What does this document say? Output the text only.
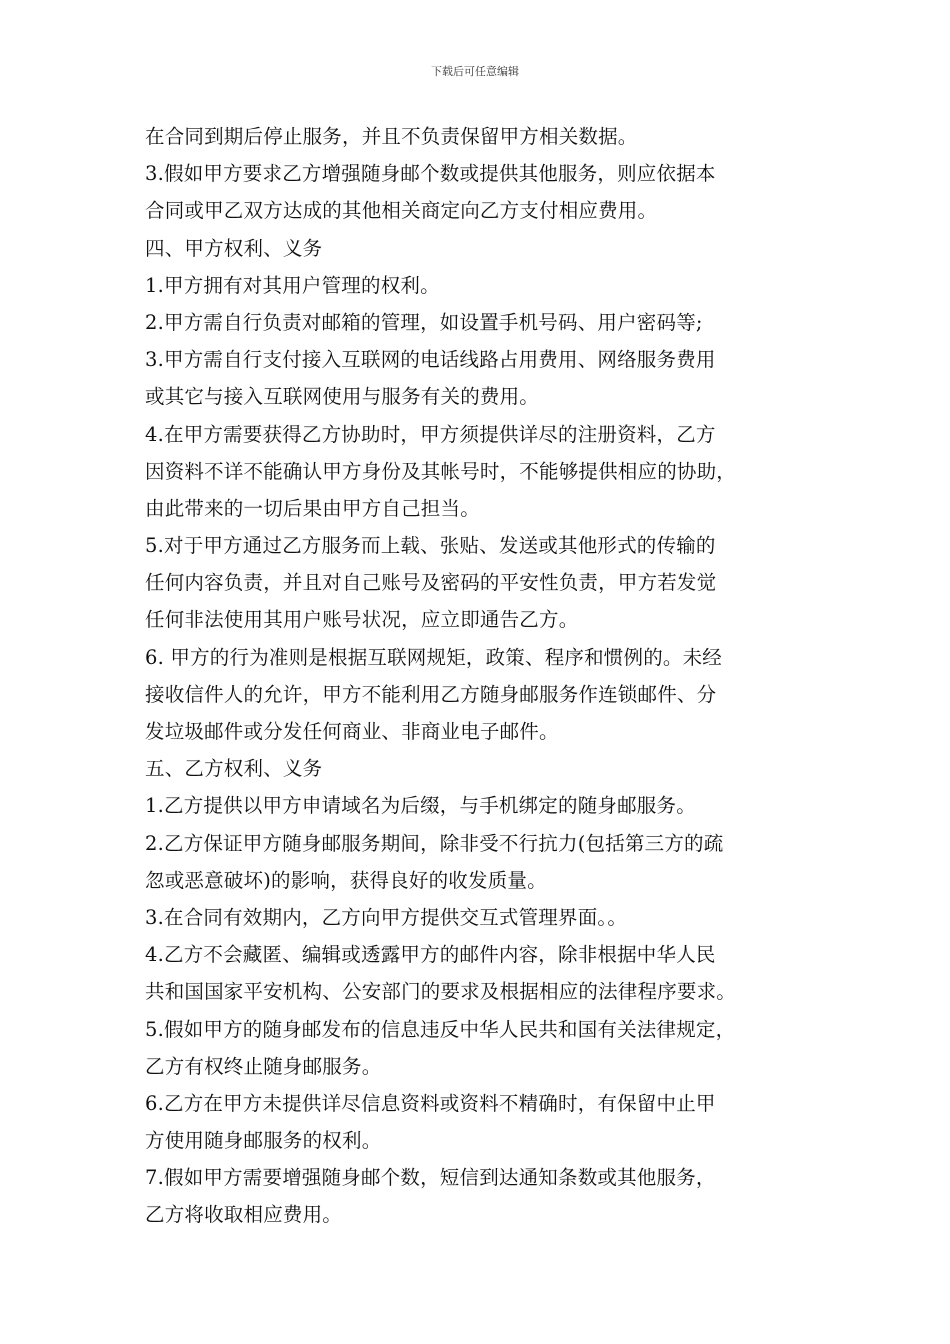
下载后可任意编辑
在合同到期后停止服务，并且不负责保留甲方相关数据。
3.假如甲方要求乙方增强随身邮个数或提供其他服务，则应依据本
合同或甲乙双方达成的其他相关商定向乙方支付相应费用。
四、甲方权利、义务
1.甲方拥有对其用户管理的权利。
2.甲方需自行负责对邮箱的管理，如设置手机号码、用户密码等;
3.甲方需自行支付接入互联网的电话线路占用费用、网络服务费用
或其它与接入互联网使用与服务有关的费用。
4.在甲方需要获得乙方协助时，甲方须提供详尽的注册资料，乙方
因资料不详不能确认甲方身份及其帐号时，不能够提供相应的协助，
由此带来的一切后果由甲方自己担当。
5.对于甲方通过乙方服务而上载、张贴、发送或其他形式的传输的
任何内容负责，并且对自己账号及密码的平安性负责，甲方若发觉
任何非法使用其用户账号状况，应立即通告乙方。
6. 甲方的行为准则是根据互联网规矩，政策、程序和惯例的。未经
接收信件人的允许，甲方不能利用乙方随身邮服务作连锁邮件、分
发垃圾邮件或分发任何商业、非商业电子邮件。
五、乙方权利、义务
1.乙方提供以甲方申请域名为后缀，与手机绑定的随身邮服务。
2.乙方保证甲方随身邮服务期间，除非受不行抗力(包括第三方的疏
忽或恶意破坏)的影响，获得良好的收发质量。
3.在合同有效期内，乙方向甲方提供交互式管理界面。。
4.乙方不会藏匿、编辑或透露甲方的邮件内容，除非根据中华人民
共和国国家平安机构、公安部门的要求及根据相应的法律程序要求。
5.假如甲方的随身邮发布的信息违反中华人民共和国有关法律规定，
乙方有权终止随身邮服务。
6.乙方在甲方未提供详尽信息资料或资料不精确时，有保留中止甲
方使用随身邮服务的权利。
7.假如甲方需要增强随身邮个数，短信到达通知条数或其他服务，
乙方将收取相应费用。
